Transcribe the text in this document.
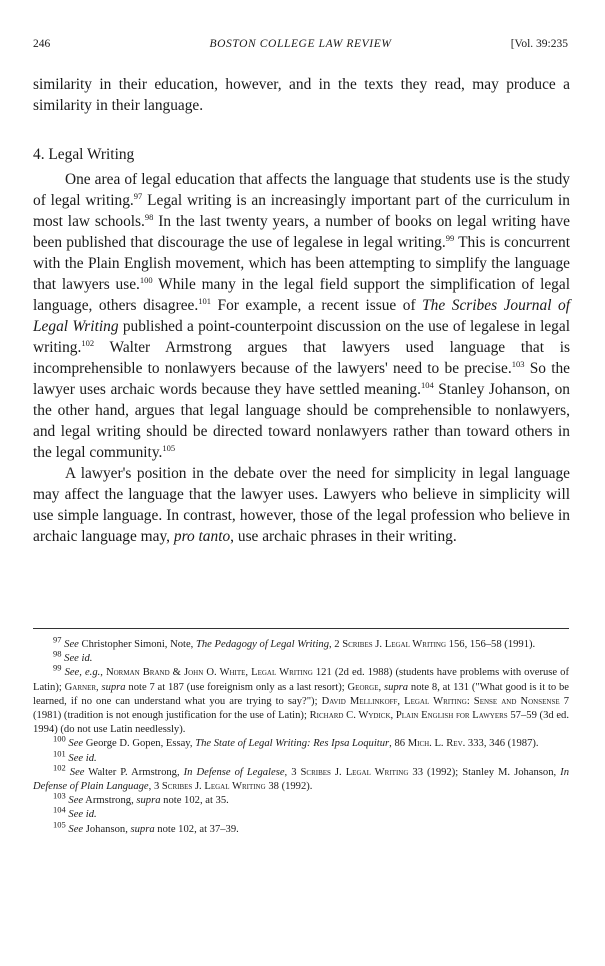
246	BOSTON COLLEGE LAW REVIEW	[Vol. 39:235

similarity in their education, however, and in the texts they read, may produce a similarity in their language.

4. Legal Writing

One area of legal education that affects the language that students use is the study of legal writing.$^{97}$ Legal writing is an increasingly important part of the curriculum in most law schools.$^{98}$ In the last twenty years, a number of books on legal writing have been published that discourage the use of legalese in legal writing.$^{99}$ This is concurrent with the Plain English movement, which has been attempting to simplify the language that lawyers use.$^{100}$ While many in the legal field support the simplification of legal language, others disagree.$^{101}$ For example, a recent issue of The Scribes Journal of Legal Writing published a point-counterpoint discussion on the use of legalese in legal writing.$^{102}$ Walter Armstrong argues that lawyers used language that is incomprehensible to nonlawyers because of the lawyers' need to be precise.$^{103}$ So the lawyer uses archaic words because they have settled meaning.$^{104}$ Stanley Johanson, on the other hand, argues that legal language should be comprehensible to nonlawyers, and legal writing should be directed toward nonlawyers rather than toward others in the legal community.$^{105}$

A lawyer's position in the debate over the need for simplicity in legal language may affect the language that the lawyer uses. Lawyers who believe in simplicity will use simple language. In contrast, however, those of the legal profession who believe in archaic language may, pro tanto, use archaic phrases in their writing.

$^{97}$ See Christopher Simoni, Note, The Pedagogy of Legal Writing, 2 Scribes J. Legal Writing 156, 156–58 (1991).

$^{98}$ See id.

$^{99}$ See, e.g., Norman Brand & John O. White, Legal Writing 121 (2d ed. 1988) (students have problems with overuse of Latin); Garner, supra note 7 at 187 (use foreignism only as a last resort); George, supra note 8, at 131 ("What good is it to be learned, if no one can understand what you are trying to say?"); David Mellinkoff, Legal Writing: Sense and Nonsense 7 (1981) (tradition is not enough justification for the use of Latin); Richard C. Wydick, Plain English for Lawyers 57–59 (3d ed. 1994) (do not use Latin needlessly).

$^{100}$ See George D. Gopen, Essay, The State of Legal Writing: Res Ipsa Loquitur, 86 Mich. L. Rev. 333, 346 (1987).

$^{101}$ See id.

$^{102}$ See Walter P. Armstrong, In Defense of Legalese, 3 Scribes J. Legal Writing 33 (1992); Stanley M. Johanson, In Defense of Plain Language, 3 Scribes J. Legal Writing 38 (1992).

$^{103}$ See Armstrong, supra note 102, at 35.

$^{104}$ See id.

$^{105}$ See Johanson, supra note 102, at 37–39.
